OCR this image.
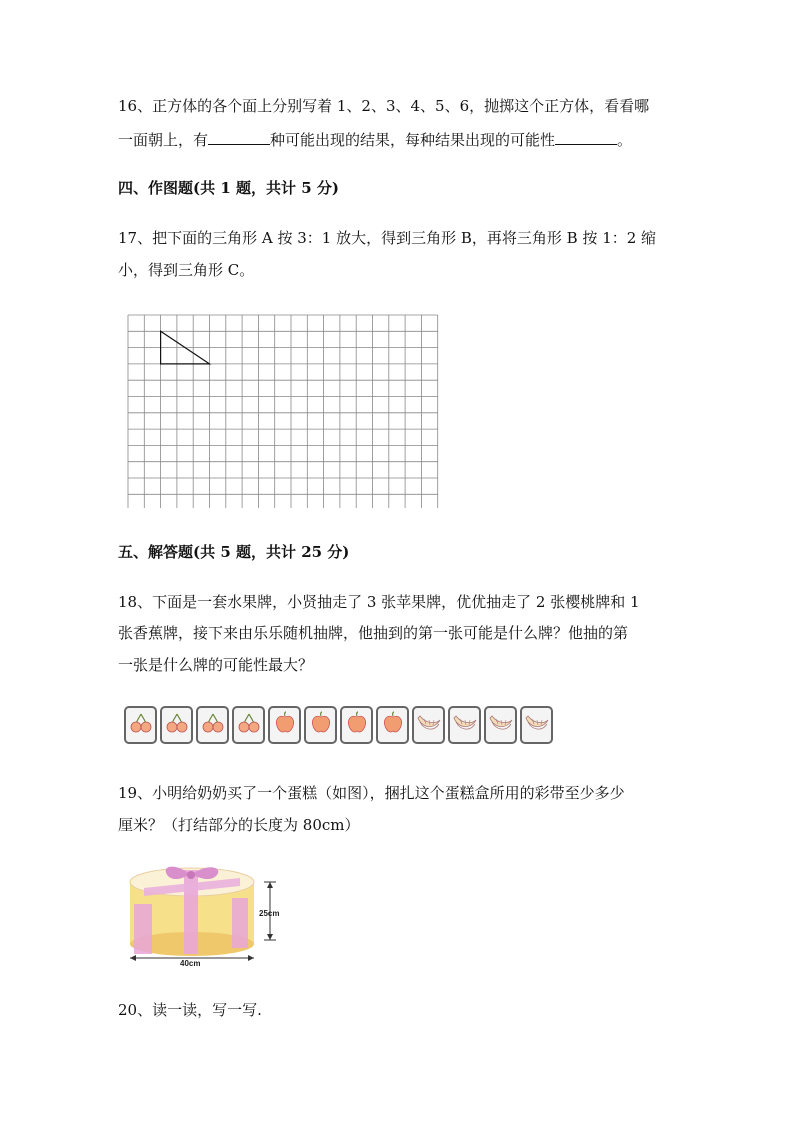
16、正方体的各个面上分别写着 1、2、3、4、5、6，抛掷这个正方体，看看哪
一面朝上，有	种可能出现的结果，每种结果出现的可能性	。
四、作图题(共 1 题，共计 5 分)
17、把下面的三角形 A 按 3：1 放大，得到三角形 B，再将三角形 B 按 1：2 缩
小，得到三角形 C。
五、解答题(共 5 题，共计 25 分)
18、下面是一套水果牌，小贤抽走了 3 张苹果牌，优优抽走了 2 张樱桃牌和 1
张香蕉牌，接下来由乐乐随机抽牌，他抽到的第一张可能是什么牌？他抽的第
一张是什么牌的可能性最大？
19、小明给奶奶买了一个蛋糕（如图），捆扎这个蛋糕盒所用的彩带至少多少
厘米？（打结部分的长度为 80cm）
25cm
40cm
20、读一读，写一写.
